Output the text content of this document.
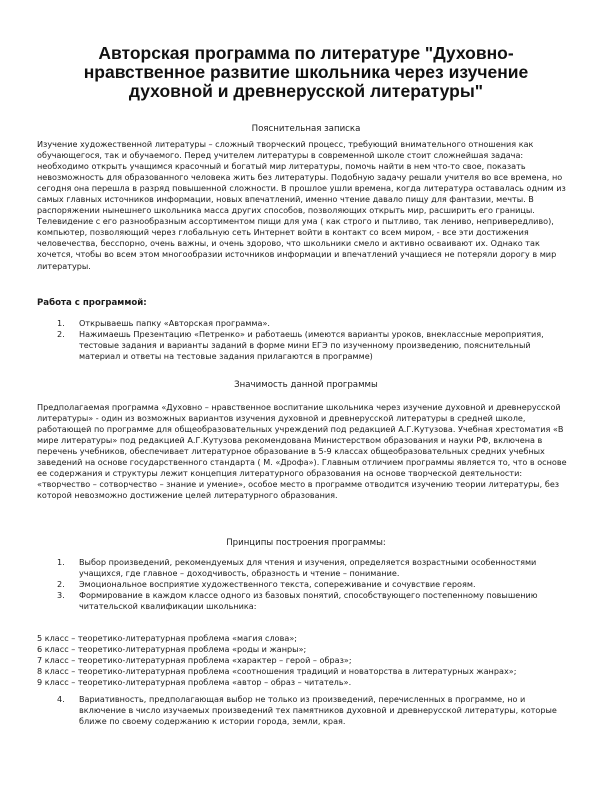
Авторская программа по литературе "Духовно-нравственное развитие школьника через изучение духовной и древнерусской литературы"

Пояснительная записка

Изучение художественной литературы – сложный творческий процесс, требующий внимательного отношения как обучающегося, так и обучаемого. Перед учителем литературы в современной школе стоит сложнейшая задача: необходимо открыть учащимся красочный и богатый мир литературы, помочь найти в нем что-то свое, показать невозможность для образованного человека жить без литературы. Подобную задачу решали учителя во все времена, но сегодня она перешла в разряд повышенной сложности. В прошлое ушли времена, когда литература оставалась одним из самых главных источников информации, новых впечатлений, именно чтение давало пищу для фантазии, мечты. В распоряжении нынешнего школьника масса других способов, позволяющих открыть мир, расширить его границы. Телевидение с его разнообразным ассортиментом пищи для ума ( как строго и пытливо, так лениво, непривередливо), компьютер, позволяющий через глобальную сеть Интернет войти в контакт со всем миром, - все эти достижения человечества, бесспорно, очень важны, и очень здорово, что школьники смело и активно осваивают их. Однако так хочется, чтобы во всем этом многообразии источников информации и впечатлений учащиеся не потеряли дорогу в мир литературы.

Работа с программой:

1. Открываешь папку «Авторская программа».
2. Нажимаешь Презентацию «Петренко» и работаешь (имеются варианты уроков, внеклассные мероприятия, тестовые задания и варианты заданий в форме мини ЕГЭ по изученному произведению, пояснительный материал и ответы на тестовые задания прилагаются в программе)

Значимость данной программы

Предполагаемая программа «Духовно – нравственное воспитание школьника через изучение духовной и древнерусской литературы» - один из возможных вариантов изучения духовной и древнерусской литературы в средней школе, работающей по программе для общеобразовательных учреждений под редакцией А.Г.Кутузова. Учебная хрестоматия «В мире литературы» под редакцией А.Г.Кутузова рекомендована Министерством образования и науки РФ, включена в перечень учебников, обеспечивает литературное образование в 5-9 классах общеобразовательных средних учебных заведений на основе государственного стандарта ( М. «Дрофа»). Главным отличием программы является то, что в основе ее содержания и структуры лежит концепция литературного образования на основе творческой деятельности: «творчество – сотворчество – знание и умение», особое место в программе отводится изучению теории литературы, без которой невозможно достижение целей литературного образования.

Принципы построения программы:

1. Выбор произведений, рекомендуемых для чтения и изучения, определяется возрастными особенностями учащихся, где главное – доходчивость, образность и чтение – понимание.
2. Эмоциональное восприятие художественного текста, сопереживание и сочувствие героям.
3. Формирование в каждом классе одного из базовых понятий, способствующего постепенному повышению читательской квалификации школьника:
5 класс – теоретико-литературная проблема «магия слова»;
6 класс – теоретико-литературная проблема «роды и жанры»;
7 класс – теоретико-литературная проблема «характер – герой – образ»;
8 класс – теоретико-литературная проблема «соотношения традиций и новаторства в литературных жанрах»;
9 класс – теоретико-литературная проблема «автор – образ – читатель».
4. Вариативность, предполагающая выбор не только из произведений, перечисленных в программе, но и включение в число изучаемых произведений тех памятников духовной и древнерусской литературы, которые ближе по своему содержанию к истории города, земли, края.
